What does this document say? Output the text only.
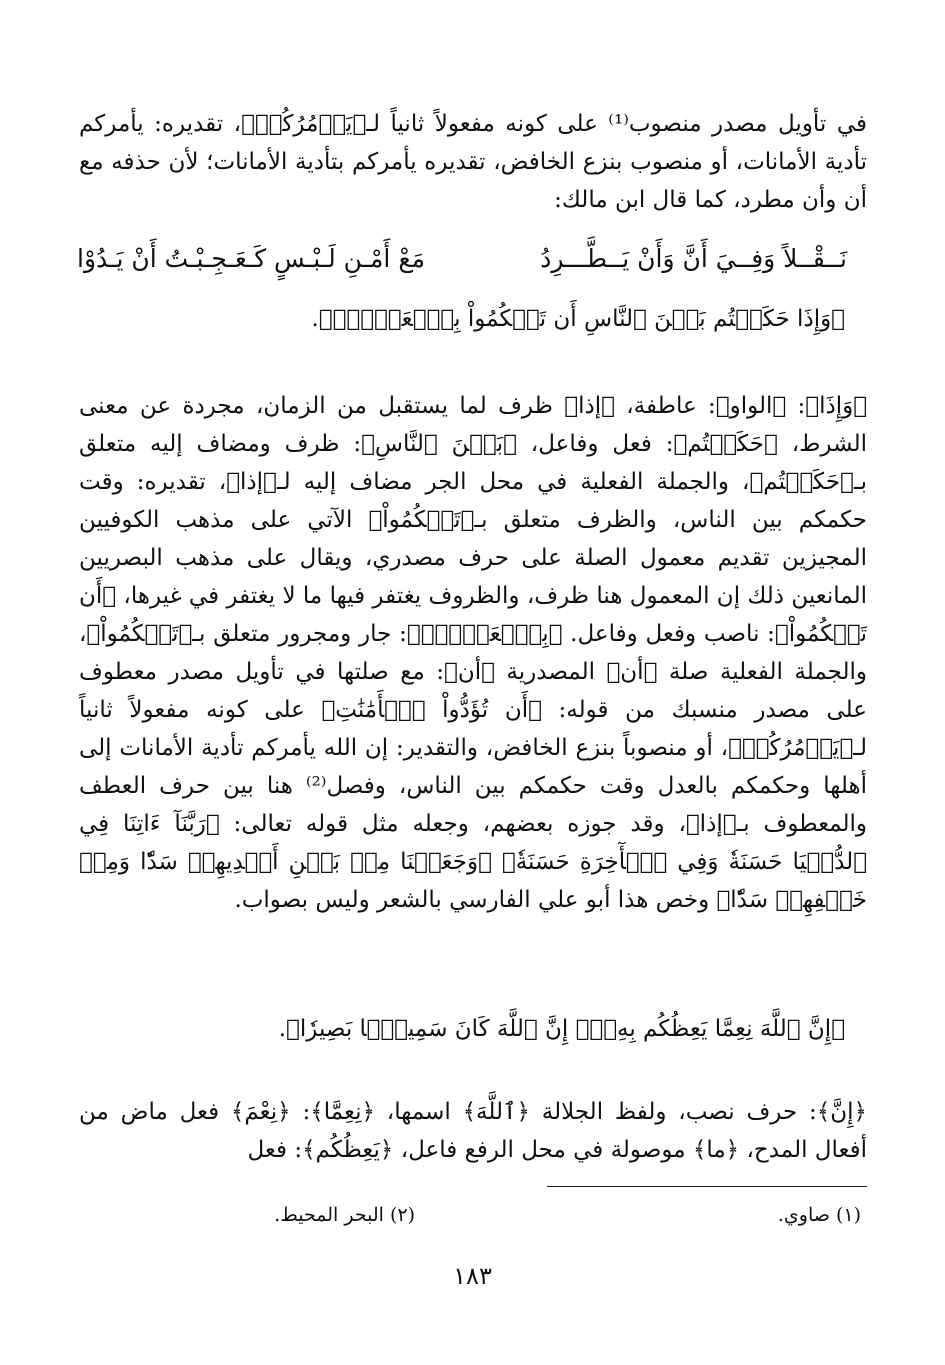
في تأويل مصدر منصوب⁽¹⁾ على كونه مفعولاً ثانياً لـ﴿يَأۡمُرُكُمۡ﴾، تقديره: يأمركم تأدية الأمانات، أو منصوب بنزع الخافض، تقديره يأمركم بتأدية الأمانات؛ لأن حذفه مع أن وأن مطرد، كما قال ابن مالك:

نَــقْــلاً وَفِــيَ أَنَّ وَأَنْ يَــطَّـــرِدُ
مَعْ أَمْـنِ لَـبْـسٍ كَـعَـجِـبْـتُ أَنْ يَـدُوْا
﴿وَإِذَا حَكَمۡتُم بَيۡنَ ٱلنَّاسِ أَن تَحۡكُمُواْ بِٱلۡعَدۡلِۚ﴾.

﴿وَإِذَا﴾: ﴿الواو﴾: عاطفة، ﴿إذا﴾ ظرف لما يستقبل من الزمان، مجردة عن معنى الشرط، ﴿حَكَمۡتُم﴾: فعل وفاعل، ﴿بَيۡنَ ٱلنَّاسِ﴾: ظرف ومضاف إليه متعلق بـ﴿حَكَمۡتُم﴾، والجملة الفعلية في محل الجر مضاف إليه لـ﴿إذا﴾، تقديره: وقت حكمكم بين الناس، والظرف متعلق بـ﴿تَحۡكُمُواْ﴾ الآتي على مذهب الكوفيين المجيزين تقديم معمول الصلة على حرف مصدري، ويقال على مذهب البصريين المانعين ذلك إن المعمول هنا ظرف، والظروف يغتفر فيها ما لا يغتفر في غيرها، ﴿أَن تَحۡكُمُواْ﴾: ناصب وفعل وفاعل. ﴿بِٱلۡعَدۡلِۚ﴾: جار ومجرور متعلق بـ﴿تَحۡكُمُواْ﴾، والجملة الفعلية صلة ﴿أن﴾ المصدرية ﴿أن﴾: مع صلتها في تأويل مصدر معطوف على مصدر منسبك من قوله: ﴿أَن تُؤَدُّواْ ٱلۡأَمَٰنَٰتِ﴾ على كونه مفعولاً ثانياً لـ﴿يَأۡمُرُكُمۡ﴾، أو منصوباً بنزع الخافض، والتقدير: إن الله يأمركم تأدية الأمانات إلى أهلها وحكمكم بالعدل وقت حكمكم بين الناس، وفصل⁽²⁾ هنا بين حرف العطف والمعطوف بـ﴿إذا﴾، وقد جوزه بعضهم، وجعله مثل قوله تعالى: ﴿رَبَّنَآ ءَاتِنَا فِي ٱلدُّنۡيَا حَسَنَةٗ وَفِي ٱلۡأٓخِرَةِ حَسَنَةٗ﴾ ﴿وَجَعَلۡنَا مِنۢ بَيۡنِ أَيۡدِيهِمۡ سَدّٗا وَمِنۡ خَلۡفِهِمۡ سَدّٗا﴾ وخص هذا أبو علي الفارسي بالشعر وليس بصواب.

﴿إِنَّ ٱللَّهَ نِعِمَّا يَعِظُكُم بِهِۦٓۗ إِنَّ ٱللَّهَ كَانَ سَمِيعَۢا بَصِيرٗا﴾.

﴿إِنَّ﴾: حرف نصب، ولفظ الجلالة ﴿ٱللَّهَ﴾ اسمها، ﴿نِعِمَّا﴾: ﴿نِعْمَ﴾ فعل ماض من أفعال المدح، ﴿ما﴾ موصولة في محل الرفع فاعل، ﴿يَعِظُكُم﴾: فعل

(١) صاوي.
(٢) البحر المحيط.
١٨٣
